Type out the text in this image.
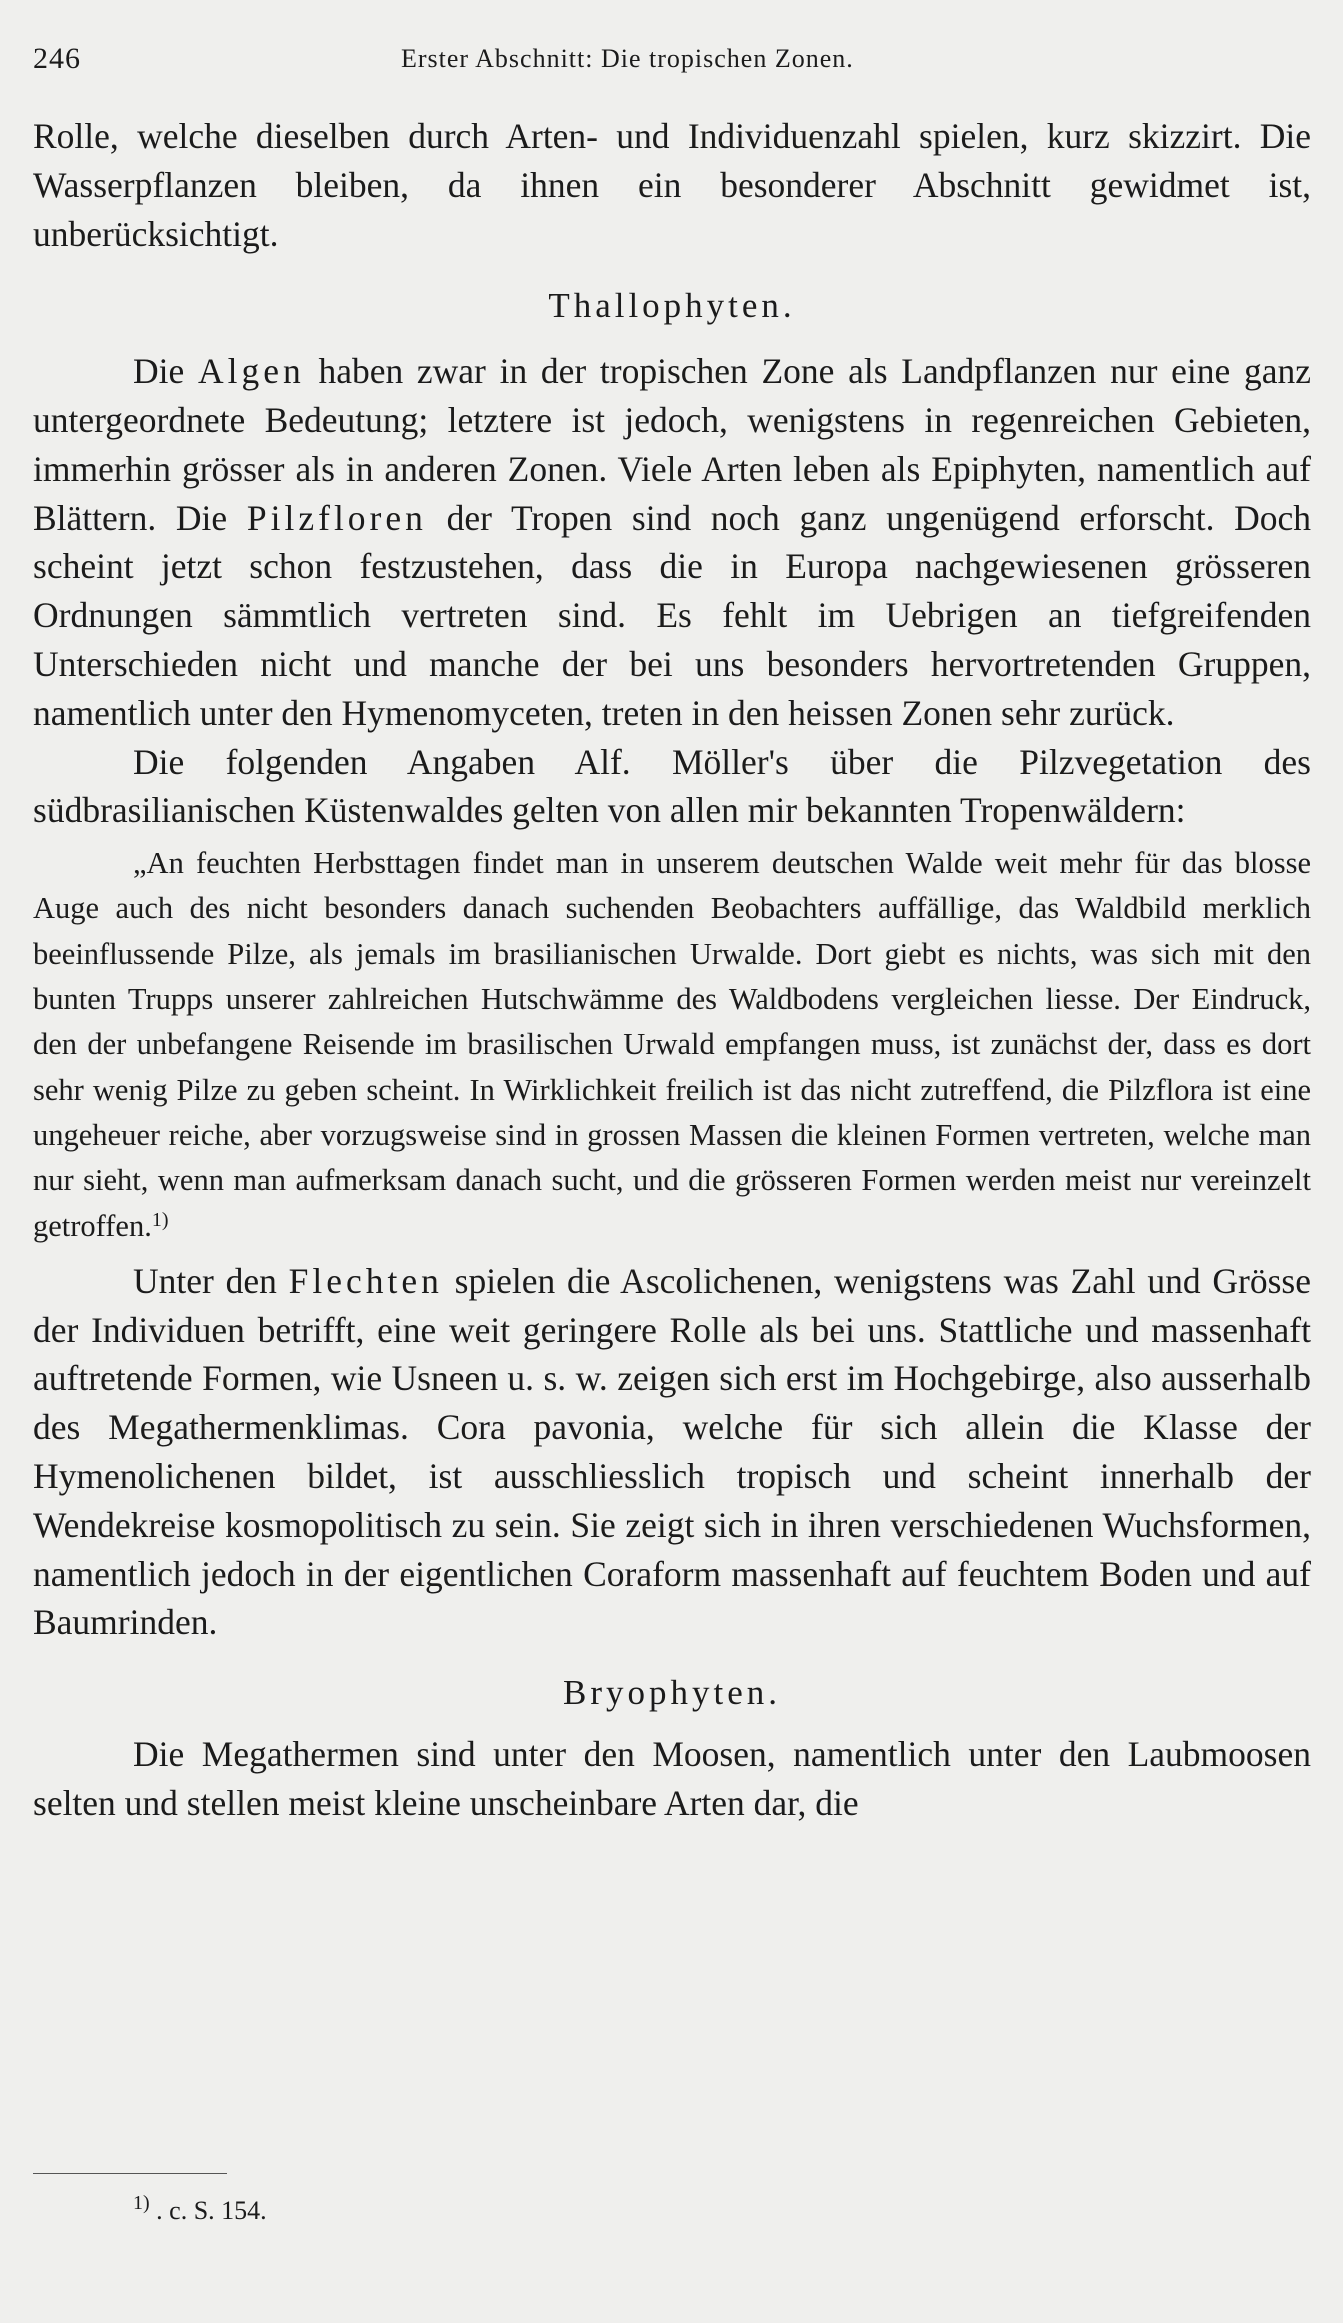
246	Erster Abschnitt: Die tropischen Zonen.

Rolle, welche dieselben durch Arten- und Individuenzahl spielen, kurz skizzirt. Die Wasserpflanzen bleiben, da ihnen ein besonderer Abschnitt gewidmet ist, unberücksichtigt.

Thallophyten.

Die Algen haben zwar in der tropischen Zone als Landpflanzen nur eine ganz untergeordnete Bedeutung; letztere ist jedoch, wenigstens in regenreichen Gebieten, immerhin grösser als in anderen Zonen. Viele Arten leben als Epiphyten, namentlich auf Blättern. Die Pilzfloren der Tropen sind noch ganz ungenügend erforscht. Doch scheint jetzt schon festzustehen, dass die in Europa nachgewiesenen grösseren Ordnungen sämmtlich vertreten sind. Es fehlt im Uebrigen an tiefgreifenden Unterschieden nicht und manche der bei uns besonders hervortretenden Gruppen, namentlich unter den Hymenomyceten, treten in den heissen Zonen sehr zurück.

Die folgenden Angaben Alf. Möller's über die Pilzvegetation des südbrasilianischen Küstenwaldes gelten von allen mir bekannten Tropenwäldern:

„An feuchten Herbsttagen findet man in unserem deutschen Walde weit mehr für das blosse Auge auch des nicht besonders danach suchenden Beobachters auffällige, das Waldbild merklich beeinflussende Pilze, als jemals im brasilianischen Urwalde. Dort giebt es nichts, was sich mit den bunten Trupps unserer zahlreichen Hutschwämme des Waldbodens vergleichen liesse. Der Eindruck, den der unbefangene Reisende im brasilischen Urwald empfangen muss, ist zunächst der, dass es dort sehr wenig Pilze zu geben scheint. In Wirklichkeit freilich ist das nicht zutreffend, die Pilzflora ist eine ungeheuer reiche, aber vorzugsweise sind in grossen Massen die kleinen Formen vertreten, welche man nur sieht, wenn man aufmerksam danach sucht, und die grösseren Formen werden meist nur vereinzelt getroffen.$^{1)}$

Unter den Flechten spielen die Ascolichenen, wenigstens was Zahl und Grösse der Individuen betrifft, eine weit geringere Rolle als bei uns. Stattliche und massenhaft auftretende Formen, wie Usneen u. s. w. zeigen sich erst im Hochgebirge, also ausserhalb des Megathermenklimas. Cora pavonia, welche für sich allein die Klasse der Hymenolichenen bildet, ist ausschliesslich tropisch und scheint innerhalb der Wendekreise kosmopolitisch zu sein. Sie zeigt sich in ihren verschiedenen Wuchsformen, namentlich jedoch in der eigentlichen Coraform massenhaft auf feuchtem Boden und auf Baumrinden.

Bryophyten.

Die Megathermen sind unter den Moosen, namentlich unter den Laubmoosen selten und stellen meist kleine unscheinbare Arten dar, die

$^{1)}$ . c. S. 154.
